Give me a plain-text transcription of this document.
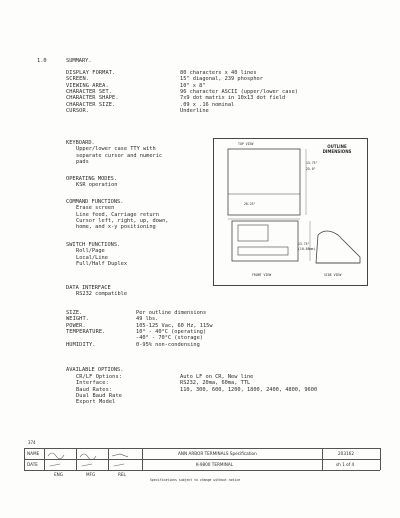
1.0	SUMMARY.
DISPLAY FORMAT.	80 characters x 40 lines
SCREEN.	15" diagonal, 239 phosphor
VIEWING AREA.	10" x 8"
CHARACTER SET.	96 character ASCII (upper/lower case)
CHARACTER SHAPE.	7x9 dot matrix in 10x13 dot field
CHARACTER SIZE.	.09 x .16 nominal
CURSOR.	Underline
KEYBOARD.
Upper/lower case TTY with
separate cursor and numeric
pads
OPERATING MODES.
KSR operation
COMMAND FUNCTIONS.
Erase screen
Line feed, Carriage return
Cursor left, right, up, down,
home, and x-y positioning
SWITCH FUNCTIONS.
Roll/Page
Local/Line
Full/Half Duplex
DATA INTERFACE
RS232 compatible
OUTLINE
DIMENSIONS
TOP VIEW
20.25"
13.75"
25.0"
13.75"
(10.88mm)
FRONT VIEW	SIDE VIEW
SIZE.	Per outline dimensions
WEIGHT.	49 lbs.
POWER.	105-125 Vac, 60 Hz, 115w
TEMPERATURE.	10° - 40°C (operating)
-40° - 70°C (storage)
HUMIDITY.	0-95% non-condensing
AVAILABLE OPTIONS.
CR/LF Options:	Auto LF on CR, New line
Interface:	RS232, 20ma, 60ma, TTL
Baud Rates:	110, 300, 600, 1200, 1800, 2400, 4800, 9600
Dual Baud Rate
Export Model
374
NAME
DATE
ENG	MFG	REL
ANN ARBOR TERMINALS Specification
K-9800 TERMINAL
203162
sh 1 of 4
Specifications subject to change without notice
